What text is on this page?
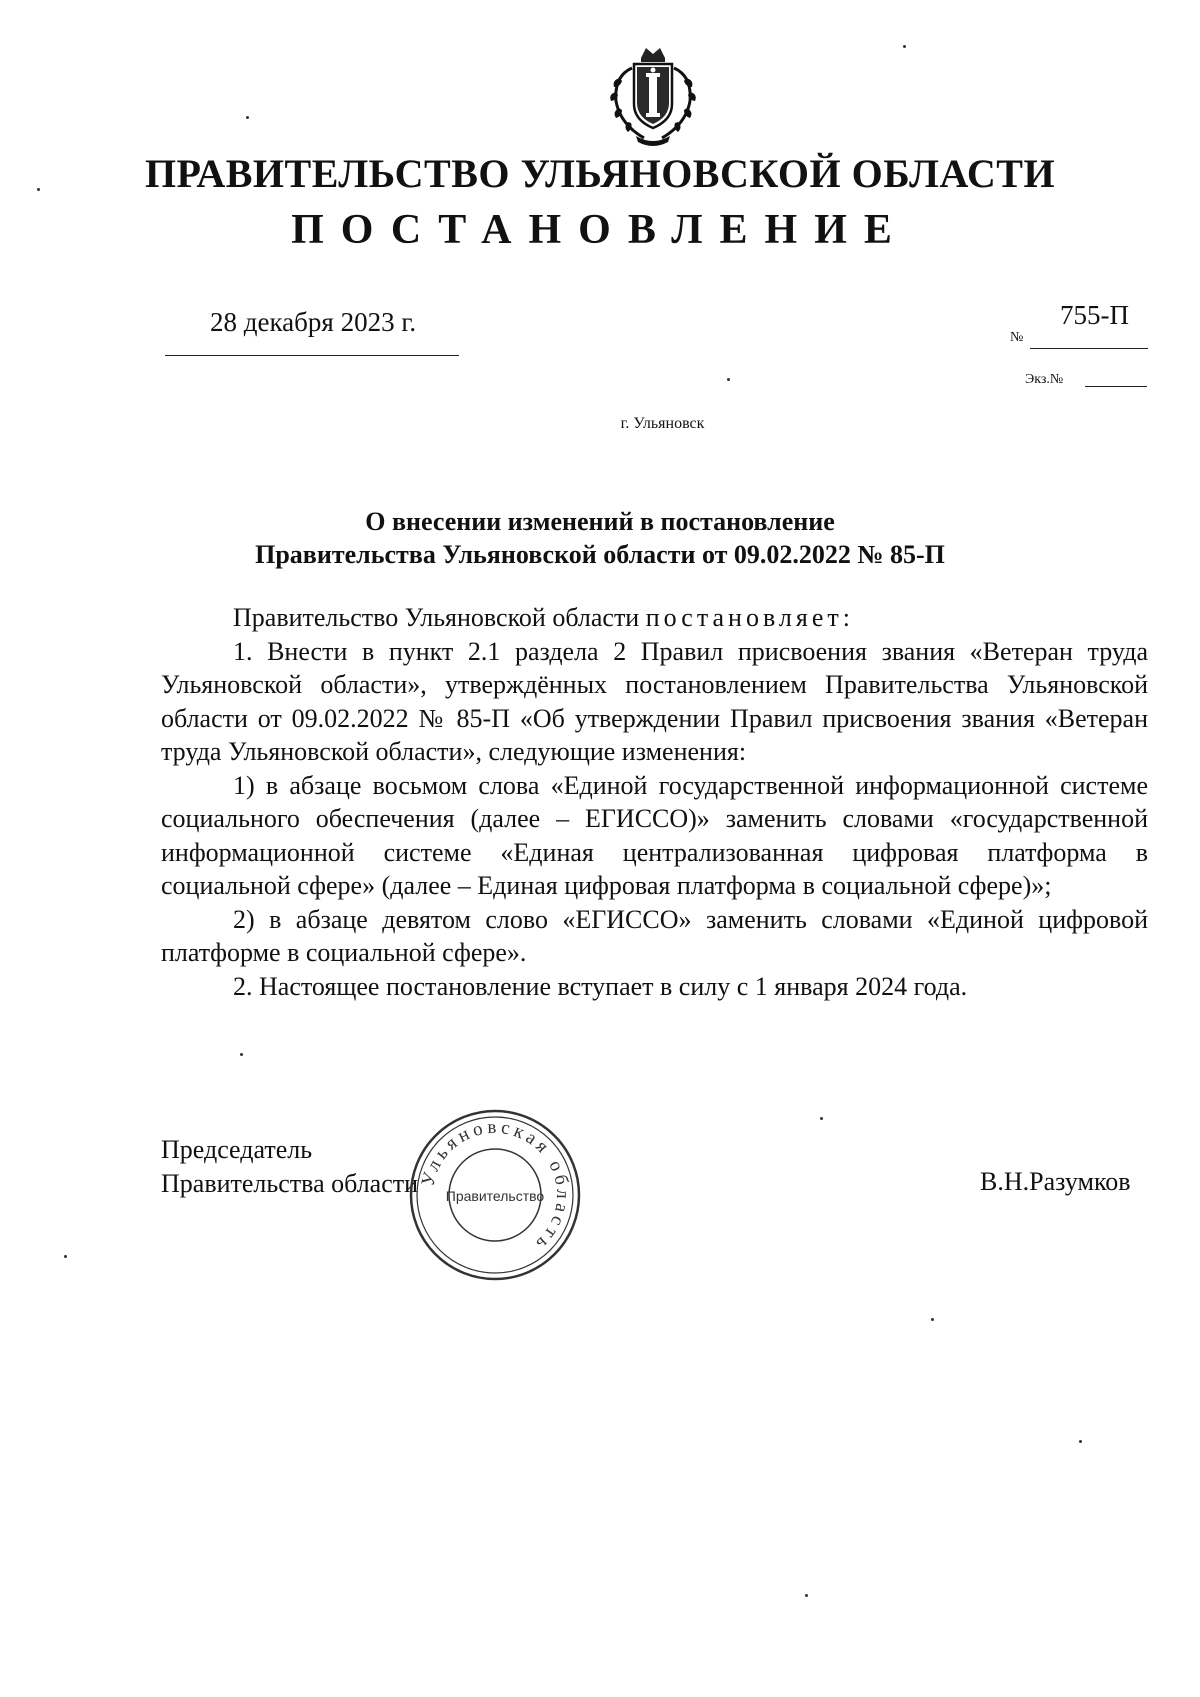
ПРАВИТЕЛЬСТВО УЛЬЯНОВСКОЙ ОБЛАСТИ
ПОСТАНОВЛЕНИЕ
28 декабря 2023 г.
№
755-П
Экз.№
г. Ульяновск
О внесении изменений в постановление
Правительства Ульяновской области от 09.02.2022 № 85-П

Правительство Ульяновской области постановляет:

1. Внести в пункт 2.1 раздела 2 Правил присвоения звания «Ветеран труда Ульяновской области», утверждённых постановлением Правительства Ульяновской области от 09.02.2022 № 85-П «Об утверждении Правил присвоения звания «Ветеран труда Ульяновской области», следующие изменения:

1) в абзаце восьмом слова «Единой государственной информационной системе социального обеспечения (далее – ЕГИССО)» заменить словами «государственной информационной системе «Единая централизованная цифровая платформа в социальной сфере» (далее – Единая цифровая платформа в социальной сфере)»;

2) в абзаце девятом слово «ЕГИССО» заменить словами «Единой цифровой платформе в социальной сфере».

2. Настоящее постановление вступает в силу с 1 января 2024 года.

Председатель
Правительства области	В.Н.Разумков
Ульяновская область
Правительство
